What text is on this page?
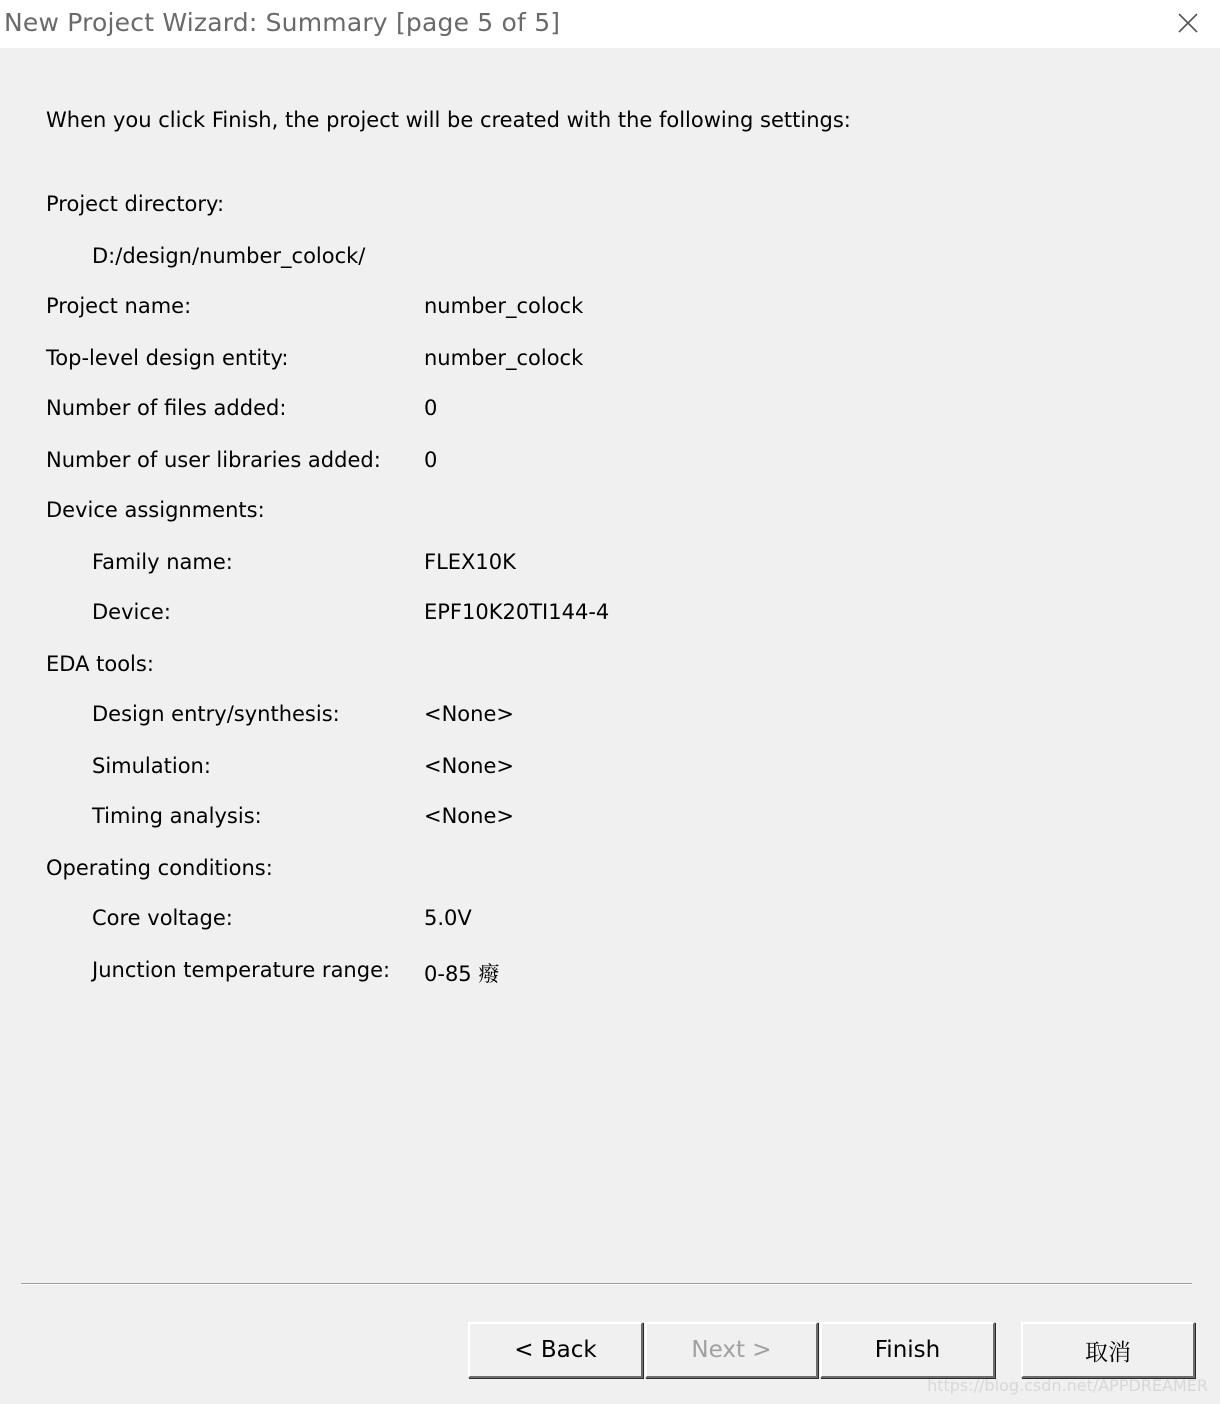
New Project Wizard: Summary [page 5 of 5]
When you click Finish, the project will be created with the following settings:
Project directory:
D:/design/number_colock/
Project name:	number_colock
Top-level design entity:	number_colock
Number of files added:	0
Number of user libraries added: 0
Device assignments:
Family name:	FLEX10K
Device:	EPF10K20TI144-4
EDA tools:
Design entry/synthesis:	<None>
Simulation:	<None>
Timing analysis:	<None>
Operating conditions:
Core voltage:	5.0V
Junction temperature range: 0-85 癈
< Back	Next >	Finish	取消
https://blog.csdn.net/APPDREAMER
